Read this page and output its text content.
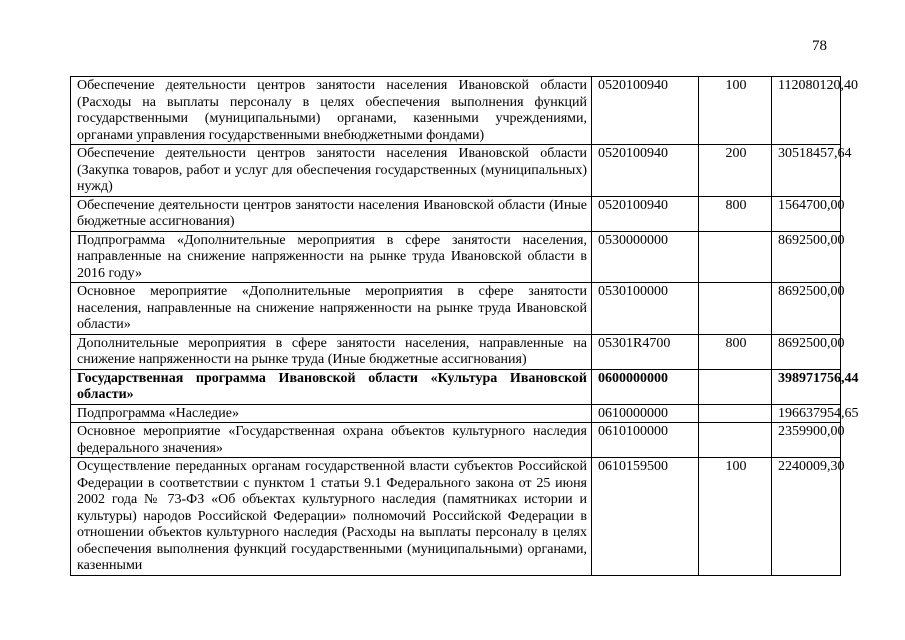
78
Обеспечение деятельности центров занятости населения Ивановской области (Расходы на выплаты персоналу в целях обеспечения выполнения функций государственными (муниципальными) органами, казенными учреждениями, органами управления государственными внебюджетными фондами)	0520100940	100	112080120,40
Обеспечение деятельности центров занятости населения Ивановской области (Закупка товаров, работ и услуг для обеспечения государственных (муниципальных) нужд)	0520100940	200	30518457,64
Обеспечение деятельности центров занятости населения Ивановской области (Иные бюджетные ассигнования)	0520100940	800	1564700,00
Подпрограмма «Дополнительные мероприятия в сфере занятости населения, направленные на снижение напряженности на рынке труда Ивановской области в 2016 году»	0530000000		8692500,00
Основное мероприятие «Дополнительные мероприятия в сфере занятости населения, направленные на снижение напряженности на рынке труда Ивановской области»	0530100000		8692500,00
Дополнительные мероприятия в сфере занятости населения, направленные на снижение напряженности на рынке труда (Иные бюджетные ассигнования)	05301R4700	800	8692500,00
Государственная программа Ивановской области «Культура Ивановской области»	0600000000		398971756,44
Подпрограмма «Наследие»	0610000000		196637954,65
Основное мероприятие «Государственная охрана объектов культурного наследия федерального значения»	0610100000		2359900,00
Осуществление переданных органам государственной власти субъектов Российской Федерации в соответствии с пунктом 1 статьи 9.1 Федерального закона от 25 июня 2002 года № 73-ФЗ «Об объектах культурного наследия (памятниках истории и культуры) народов Российской Федерации» полномочий Российской Федерации в отношении объектов культурного наследия (Расходы на выплаты персоналу в целях обеспечения выполнения функций государственными (муниципальными) органами, казенными	0610159500	100	2240009,30
